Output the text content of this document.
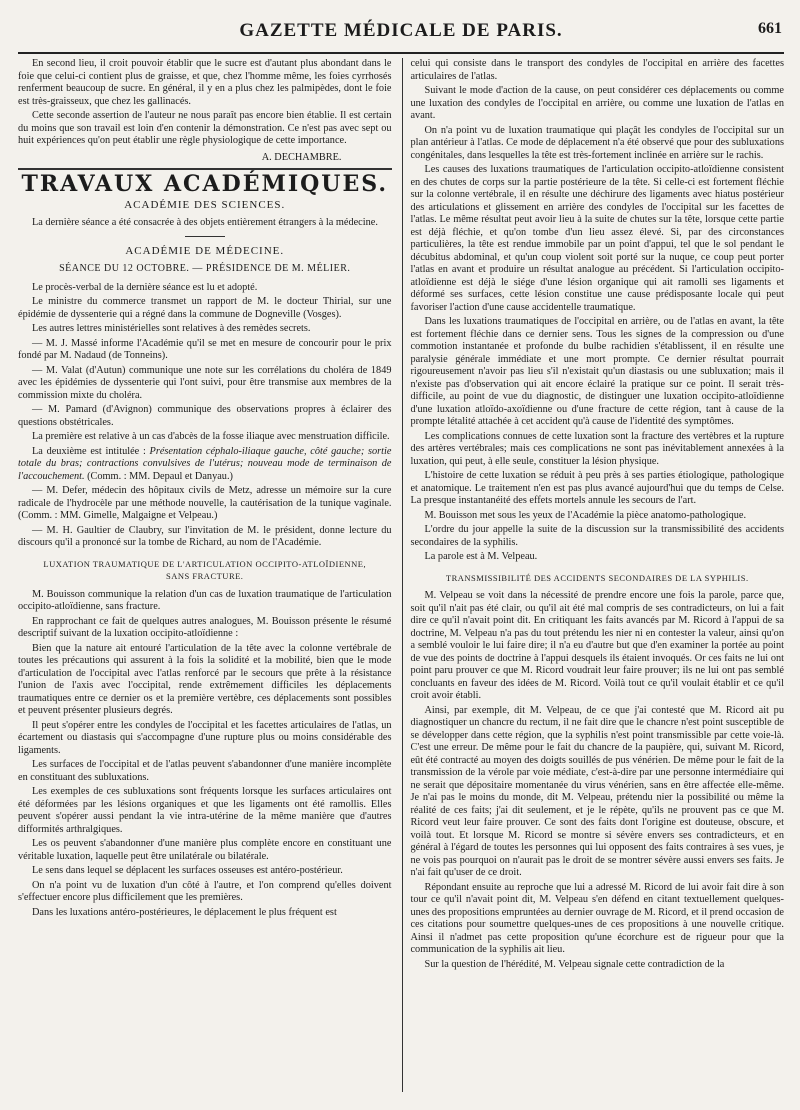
GAZETTE MÉDICALE DE PARIS.	661

En second lieu, il croit pouvoir établir que le sucre est d'autant plus abondant dans le foie que celui-ci contient plus de graisse, et que, chez l'homme même, les foies cyrrhosés renferment beaucoup de sucre. En général, il y en a plus chez les palmipèdes, dont le foie est très-graisseux, que chez les gallinacés.

Cette seconde assertion de l'auteur ne nous paraît pas encore bien établie. Il est certain du moins que son travail est loin d'en contenir la démonstration. Ce n'est pas avec sept ou huit expériences qu'on peut établir une règle physiologique de cette importance.

A. DECHAMBRE.

TRAVAUX ACADÉMIQUES.
ACADÉMIE DES SCIENCES.

La dernière séance a été consacrée à des objets entièrement étrangers à la médecine.

ACADÉMIE DE MÉDECINE.
SÉANCE DU 12 OCTOBRE. — PRÉSIDENCE DE M. MÉLIER.

Le procès-verbal de la dernière séance est lu et adopté.

Le ministre du commerce transmet un rapport de M. le docteur Thirial, sur une épidémie de dyssenterie qui a régné dans la commune de Dogneville (Vosges).

Les autres lettres ministérielles sont relatives à des remèdes secrets.

— M. J. Massé informe l'Académie qu'il se met en mesure de concourir pour le prix fondé par M. Nadaud (de Tonneins).

— M. Valat (d'Autun) communique une note sur les corrélations du choléra de 1849 avec les épidémies de dyssenterie qui l'ont suivi, pour être transmise aux membres de la commission mixte du choléra.

— M. Pamard (d'Avignon) communique des observations propres à éclairer des questions obstétricales.

La première est relative à un cas d'abcès de la fosse iliaque avec menstruation difficile.

La deuxième est intitulée : Présentation céphalo-iliaque gauche, côté gauche; sortie totale du bras; contractions convulsives de l'utérus; nouveau mode de terminaison de l'accouchement. (Comm. : MM. Depaul et Danyau.)

— M. Defer, médecin des hôpitaux civils de Metz, adresse un mémoire sur la cure radicale de l'hydrocèle par une méthode nouvelle, la cautérisation de la tunique vaginale. (Comm. : MM. Gimelle, Malgaigne et Velpeau.)

— M. H. Gaultier de Claubry, sur l'invitation de M. le président, donne lecture du discours qu'il a prononcé sur la tombe de Richard, au nom de l'Académie.

LUXATION TRAUMATIQUE DE L'ARTICULATION OCCIPITO-ATLOÏDIENNE,
SANS FRACTURE.

M. Bouisson communique la relation d'un cas de luxation traumatique de l'articulation occipito-atloïdienne, sans fracture.

En rapprochant ce fait de quelques autres analogues, M. Bouisson présente le résumé descriptif suivant de la luxation occipito-atloïdienne :

Bien que la nature ait entouré l'articulation de la tête avec la colonne vertébrale de toutes les précautions qui assurent à la fois la solidité et la mobilité, bien que le mode d'articulation de l'occipital avec l'atlas renforcé par le secours que prête à la résistance l'union de l'axis avec l'occipital, rende extrêmement difficiles les déplacements traumatiques entre ce dernier os et la première vertèbre, ces déplacements sont possibles et peuvent présenter plusieurs degrés.

Il peut s'opérer entre les condyles de l'occipital et les facettes articulaires de l'atlas, un écartement ou diastasis qui s'accompagne d'une rupture plus ou moins considérable des ligaments.

Les surfaces de l'occipital et de l'atlas peuvent s'abandonner d'une manière incomplète en constituant des subluxations.

Les exemples de ces subluxations sont fréquents lorsque les surfaces articulaires ont été déformées par les lésions organiques et que les ligaments ont été ramollis. Elles peuvent s'opérer aussi pendant la vie intra-utérine de la même manière que d'autres difformités arthralgiques.

Les os peuvent s'abandonner d'une manière plus complète encore en constituant une véritable luxation, laquelle peut être unilatérale ou bilatérale.

Le sens dans lequel se déplacent les surfaces osseuses est antéro-postérieur.

On n'a point vu de luxation d'un côté à l'autre, et l'on comprend qu'elles doivent s'effectuer encore plus difficilement que les premières.

Dans les luxations antéro-postérieures, le déplacement le plus fréquent est

celui qui consiste dans le transport des condyles de l'occipital en arrière des facettes articulaires de l'atlas.

Suivant le mode d'action de la cause, on peut considérer ces déplacements ou comme une luxation des condyles de l'occipital en arrière, ou comme une luxation de l'atlas en avant.

On n'a point vu de luxation traumatique qui plaçât les condyles de l'occipital sur un plan antérieur à l'atlas. Ce mode de déplacement n'a été observé que pour des subluxations congénitales, dans lesquelles la tête est très-fortement inclinée en arrière sur le rachis.

Les causes des luxations traumatiques de l'articulation occipito-atloïdienne consistent en des chutes de corps sur la partie postérieure de la tête. Si celle-ci est fortement fléchie sur la colonne vertébrale, il en résulte une déchirure des ligaments avec hiatus postérieur des articulations et glissement en arrière des condyles de l'occipital sur les facettes de l'atlas. Le même résultat peut avoir lieu à la suite de chutes sur la tête, lorsque cette partie est déjà fléchie, et qu'on tombe d'un lieu assez élevé. Si, par des circonstances particulières, la tête est rendue immobile par un point d'appui, tel que le sol pendant le décubitus abdominal, et qu'un coup violent soit porté sur la nuque, ce coup peut porter l'atlas en avant et produire un résultat analogue au précédent. Si l'articulation occipito-atloïdienne est déjà le siége d'une lésion organique qui ait ramolli ses ligaments et déformé ses surfaces, cette lésion constitue une cause prédisposante locale qui peut favoriser l'action d'une cause accidentelle traumatique.

Dans les luxations traumatiques de l'occipital en arrière, ou de l'atlas en avant, la tête est fortement fléchie dans ce dernier sens. Tous les signes de la compression ou d'une commotion instantanée et profonde du bulbe rachidien s'établissent, il en résulte une paralysie générale immédiate et une mort prompte. Ce dernier résultat pourrait rigoureusement n'avoir pas lieu s'il n'existait qu'un diastasis ou une subluxation; mais il n'existe pas d'observation qui ait encore éclairé la pratique sur ce point. Il serait très-difficile, au point de vue du diagnostic, de distinguer une luxation occipito-atloïdienne d'une luxation atloïdo-axoïdienne ou d'une fracture de cette région, tant à cause de la prompte létalité attachée à cet accident qu'à cause de l'identité des symptômes.

Les complications connues de cette luxation sont la fracture des vertèbres et la rupture des artères vertébrales; mais ces complications ne sont pas inévitablement annexées à la luxation, qui peut, à elle seule, constituer la lésion physique.

L'histoire de cette luxation se réduit à peu près à ses parties étiologique, pathologique et anatomique. Le traitement n'en est pas plus avancé aujourd'hui que du temps de Celse. La presque instantanéité des effets mortels annule les secours de l'art.

M. Bouisson met sous les yeux de l'Académie la pièce anatomo-pathologique.

L'ordre du jour appelle la suite de la discussion sur la transmissibilité des accidents secondaires de la syphilis.

La parole est à M. Velpeau.

TRANSMISSIBILITÉ DES ACCIDENTS SECONDAIRES DE LA SYPHILIS.

M. Velpeau se voit dans la nécessité de prendre encore une fois la parole, parce que, soit qu'il n'ait pas été clair, ou qu'il ait été mal compris de ses contradicteurs, on lui a fait dire ce qu'il n'avait point dit. En critiquant les faits avancés par M. Ricord à l'appui de sa doctrine, M. Velpeau n'a pas du tout prétendu les nier ni en contester la valeur, ainsi qu'on a semblé vouloir le lui faire dire; il n'a eu d'autre but que d'en examiner la portée au point de vue des points de doctrine à l'appui desquels ils étaient invoqués. Or ces faits ne lui ont point paru prouver ce que M. Ricord voudrait leur faire prouver; ils ne lui ont pas semblé concluants en faveur des idées de M. Ricord. Voilà tout ce qu'il voulait établir et ce qu'il croit avoir établi.

Ainsi, par exemple, dit M. Velpeau, de ce que j'ai contesté que M. Ricord ait pu diagnostiquer un chancre du rectum, il ne fait dire que le chancre n'est point susceptible de se développer dans cette région, que la syphilis n'est point transmissible par cette voie-là. C'est une erreur. De même pour le fait du chancre de la paupière, qui, suivant M. Ricord, eût été contracté au moyen des doigts souillés de pus vénérien. De même pour le fait de la transmission de la vérole par voie médiate, c'est-à-dire par une personne intermédiaire qui ne serait que dépositaire momentanée du virus vénérien, sans en être affectée elle-même. Je n'ai pas le moins du monde, dit M. Velpeau, prétendu nier la possibilité ou même la réalité de ces faits; j'ai dit seulement, et je le répète, qu'ils ne prouvent pas ce que M. Ricord veut leur faire prouver. Ce sont des faits dont l'origine est douteuse, obscure, et voilà tout. Et lorsque M. Ricord se montre si sévère envers ses contradicteurs, et en général à l'égard de toutes les personnes qui lui opposent des faits contraires à ses vues, je ne vois pas pourquoi on n'aurait pas le droit de se montrer sévère aussi envers ses faits. Je n'ai fait qu'user de ce droit.

Répondant ensuite au reproche que lui a adressé M. Ricord de lui avoir fait dire à son tour ce qu'il n'avait point dit, M. Velpeau s'en défend en citant textuellement quelques-unes des propositions empruntées au dernier ouvrage de M. Ricord, et il prend occasion de ces citations pour soumettre quelques-unes de ces propositions à une nouvelle critique. Ainsi il n'admet pas cette proposition qu'une écorchure est de rigueur pour que la communication de la syphilis ait lieu.

Sur la question de l'hérédité, M. Velpeau signale cette contradiction de la
